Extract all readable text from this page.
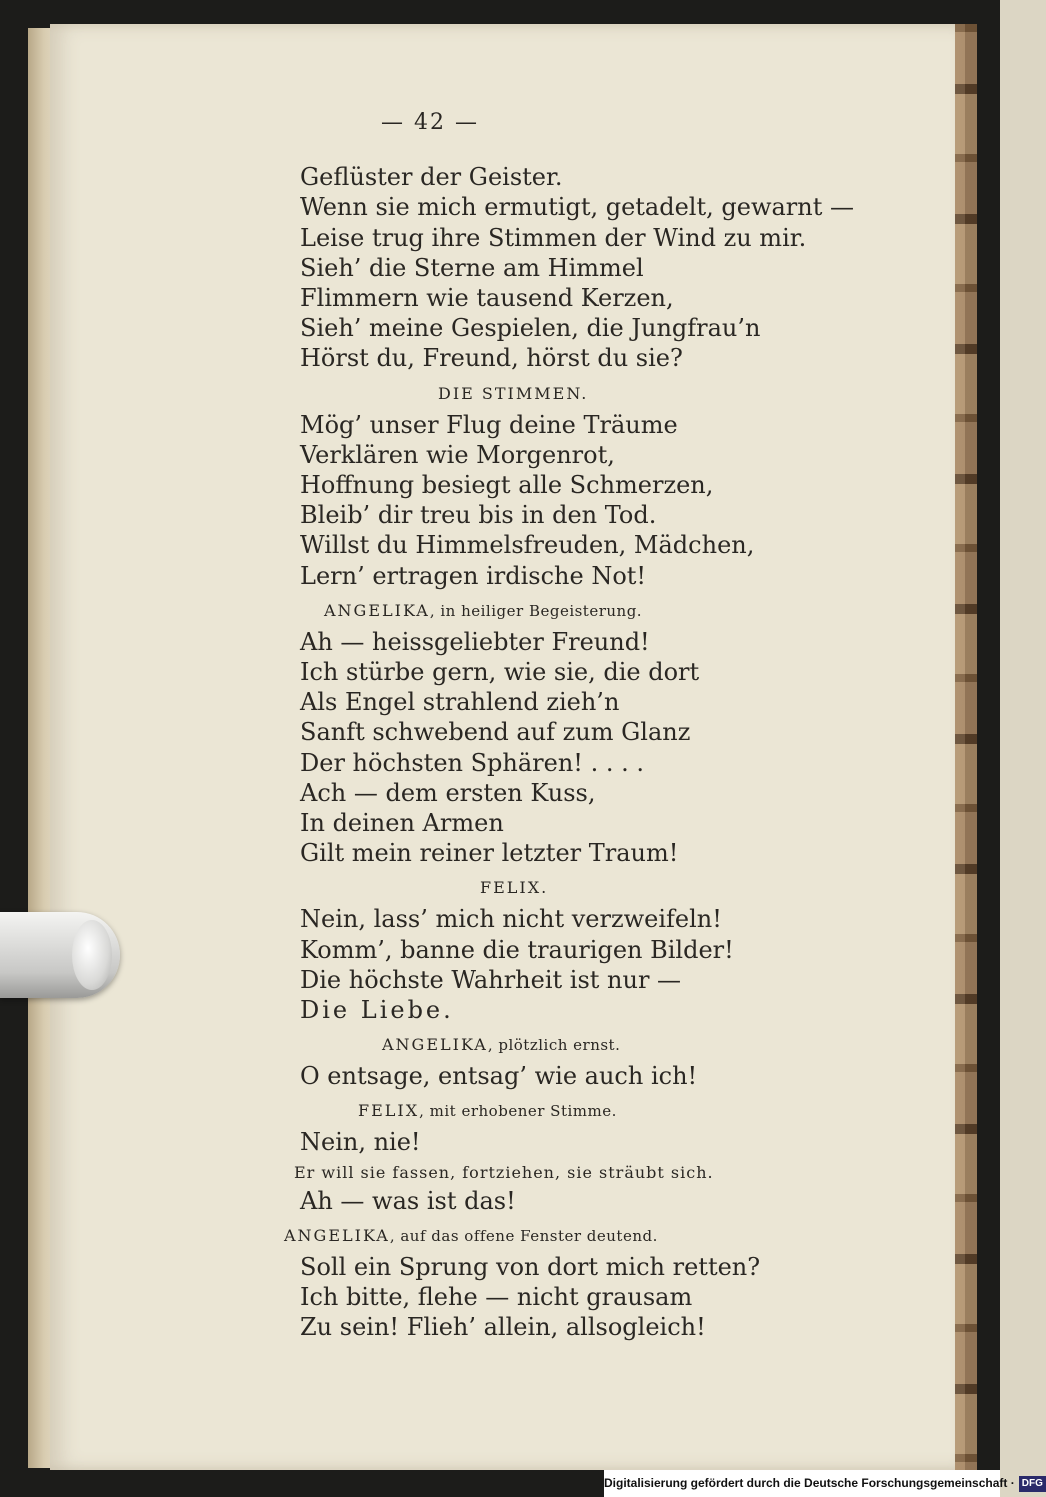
— 42 —
Geflüster der Geister.
Wenn sie mich ermutigt, getadelt, gewarnt —
Leise trug ihre Stimmen der Wind zu mir.
Sieh’ die Sterne am Himmel
Flimmern wie tausend Kerzen,
Sieh’ meine Gespielen, die Jungfrau’n
Hörst du, Freund, hörst du sie?
DIE STIMMEN.
Mög’ unser Flug deine Träume
Verklären wie Morgenrot,
Hoffnung besiegt alle Schmerzen,
Bleib’ dir treu bis in den Tod.
Willst du Himmelsfreuden, Mädchen,
Lern’ ertragen irdische Not!
ANGELIKA, in heiliger Begeisterung.
Ah — heissgeliebter Freund!
Ich stürbe gern, wie sie, die dort
Als Engel strahlend zieh’n
Sanft schwebend auf zum Glanz
Der höchsten Sphären! . . . .
Ach — dem ersten Kuss,
In deinen Armen
Gilt mein reiner letzter Traum!
FELIX.
Nein, lass’ mich nicht verzweifeln!
Komm’, banne die traurigen Bilder!
Die höchste Wahrheit ist nur —
Die Liebe.
ANGELIKA, plötzlich ernst.
O entsage, entsag’ wie auch ich!
FELIX, mit erhobener Stimme.
Nein, nie!
Er will sie fassen, fortziehen, sie sträubt sich.
Ah — was ist das!
ANGELIKA, auf das offene Fenster deutend.
Soll ein Sprung von dort mich retten?
Ich bitte, flehe — nicht grausam
Zu sein! Flieh’ allein, allsogleich!
Digitalisierung gefördert durch die Deutsche Forschungsgemeinschaft · DFG
